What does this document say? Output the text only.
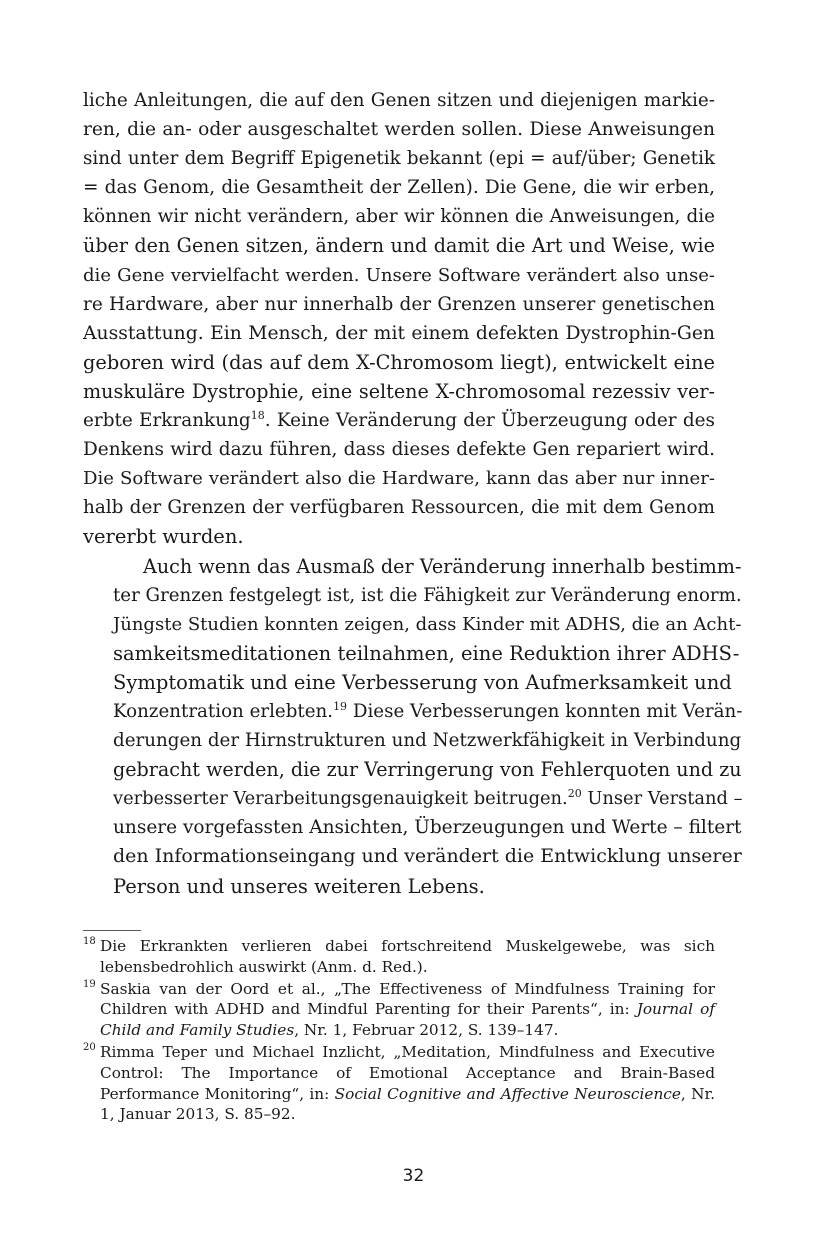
liche Anleitungen, die auf den Genen sitzen und diejenigen markie-
ren, die an- oder ausgeschaltet werden sollen. Diese Anweisungen
sind unter dem Begriff Epigenetik bekannt (epi = auf/über; Genetik
= das Genom, die Gesamtheit der Zellen). Die Gene, die wir erben,
können wir nicht verändern, aber wir können die Anweisungen, die
über den Genen sitzen, ändern und damit die Art und Weise, wie
die Gene vervielfacht werden. Unsere Software verändert also unse-
re Hardware, aber nur innerhalb der Grenzen unserer genetischen
Ausstattung. Ein Mensch, der mit einem defekten Dystrophin-Gen
geboren wird (das auf dem X-Chromosom liegt), entwickelt eine
muskuläre Dystrophie, eine seltene X-chromosomal rezessiv ver-
erbte Erkrankung$^{18}$. Keine Veränderung der Überzeugung oder des
Denkens wird dazu führen, dass dieses defekte Gen repariert wird.
Die Software verändert also die Hardware, kann das aber nur inner-
halb der Grenzen der verfügbaren Ressourcen, die mit dem Genom
vererbt wurden.

Auch wenn das Ausmaß der Veränderung innerhalb bestimm-
ter Grenzen festgelegt ist, ist die Fähigkeit zur Veränderung enorm.
Jüngste Studien konnten zeigen, dass Kinder mit ADHS, die an Acht-
samkeitsmeditationen teilnahmen, eine Reduktion ihrer ADHS-
Symptomatik und eine Verbesserung von Aufmerksamkeit und
Konzentration erlebten.$^{19}$ Diese Verbesserungen konnten mit Verän-
derungen der Hirnstrukturen und Netzwerkfähigkeit in Verbindung
gebracht werden, die zur Verringerung von Fehlerquoten und zu
verbesserter Verarbeitungsgenauigkeit beitrugen.$^{20}$ Unser Verstand –
unsere vorgefassten Ansichten, Überzeugungen und Werte – filtert
den Informationseingang und verändert die Entwicklung unserer
Person und unseres weiteren Lebens.

18 Die Erkrankten verlieren dabei fortschreitend Muskelgewebe, was sich
lebensbedrohlich auswirkt (Anm. d. Red.).
19 Saskia van der Oord et al., „The Effectiveness of Mindfulness Training for
Children with ADHD and Mindful Parenting for their Parents“, in: Journal of
Child and Family Studies, Nr. 1, Februar 2012, S. 139–147.
20 Rimma Teper und Michael Inzlicht, „Meditation, Mindfulness and Executive
Control: The Importance of Emotional Acceptance and Brain-Based
Performance Monitoring“, in: Social Cognitive and Affective Neuroscience, Nr.
1, Januar 2013, S. 85–92.
32
